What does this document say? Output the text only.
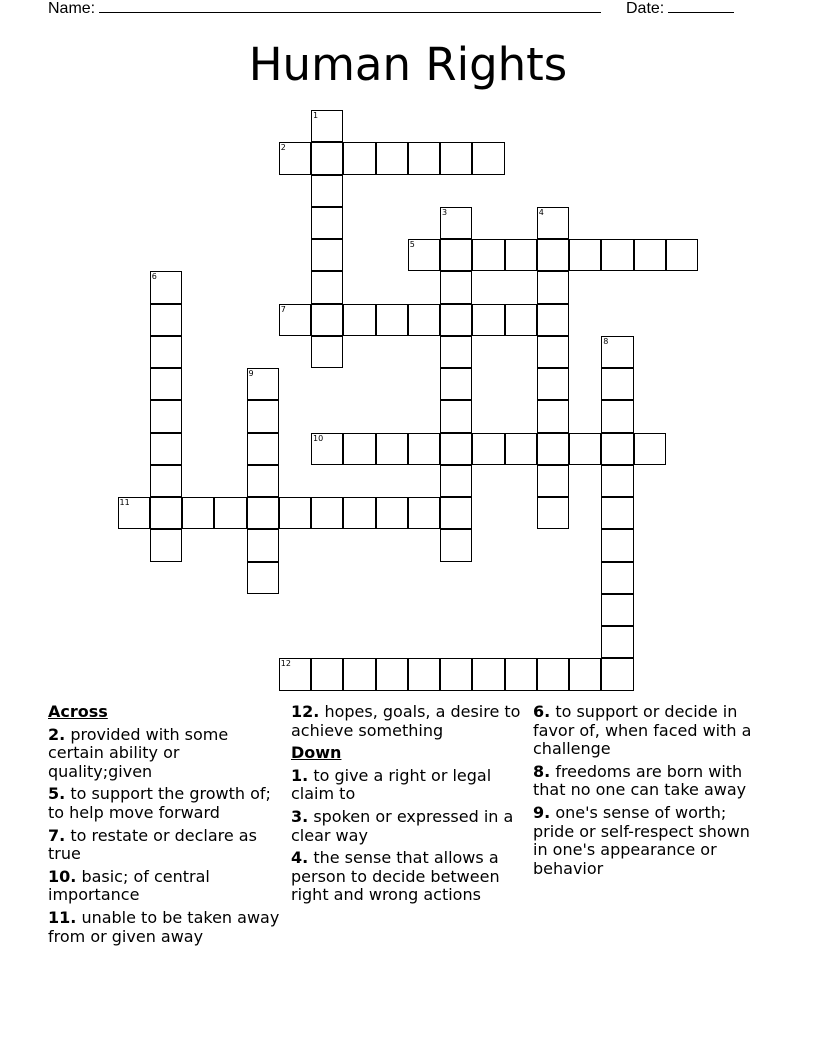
Name:	Date:
Human Rights
2
5
7
10
11
12
1
3	4
6
8
9
Across
2. provided with some certain ability or quality;given
5. to support the growth of; to help move forward
7. to restate or declare as true
10. basic; of central importance
11. unable to be taken away from or given away
12. hopes, goals, a desire to achieve something
Down
1. to give a right or legal claim to
3. spoken or expressed in a clear way
4. the sense that allows a person to decide between right and wrong actions
6. to support or decide in favor of, when faced with a challenge
8. freedoms are born with that no one can take away
9. one's sense of worth; pride or self-respect shown in one's appearance or behavior
